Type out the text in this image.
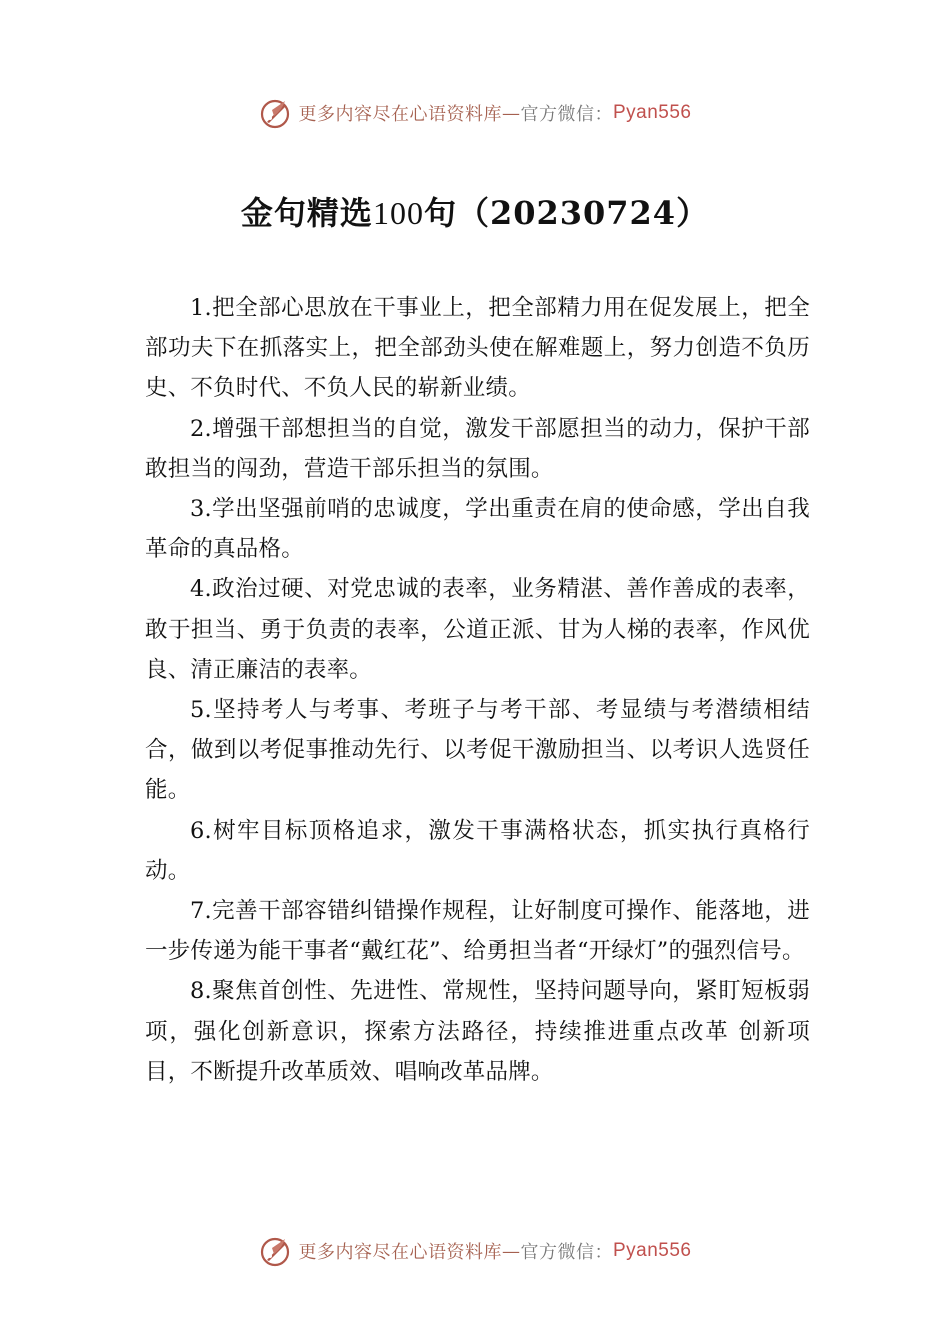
更多内容尽在心语资料库 — 官方微信： Pyan556
金句精选100句（20230724）

1.把全部心思放在干事业上，把全部精力用在促发展上，把全部功夫下在抓落实上，把全部劲头使在解难题上，努力创造不负历史、不负时代、不负人民的崭新业绩。

2.增强干部想担当的自觉，激发干部愿担当的动力，保护干部敢担当的闯劲，营造干部乐担当的氛围。

3.学出坚强前哨的忠诚度，学出重责在肩的使命感，学出自我革命的真品格。

4.政治过硬、对党忠诚的表率，业务精湛、善作善成的表率，敢于担当、勇于负责的表率，公道正派、甘为人梯的表率，作风优良、清正廉洁的表率。

5.坚持考人与考事、考班子与考干部、考显绩与考潜绩相结合，做到以考促事推动先行、以考促干激励担当、以考识人选贤任能。

6.树牢目标顶格追求，激发干事满格状态，抓实执行真格行动。

7.完善干部容错纠错操作规程，让好制度可操作、能落地，进一步传递为能干事者“戴红花”、给勇担当者“开绿灯”的强烈信号。

8.聚焦首创性、先进性、常规性，坚持问题导向，紧盯短板弱项，强化创新意识，探索方法路径，持续推进重点改革 创新项目，不断提升改革质效、唱响改革品牌。

更多内容尽在心语资料库 — 官方微信： Pyan556
